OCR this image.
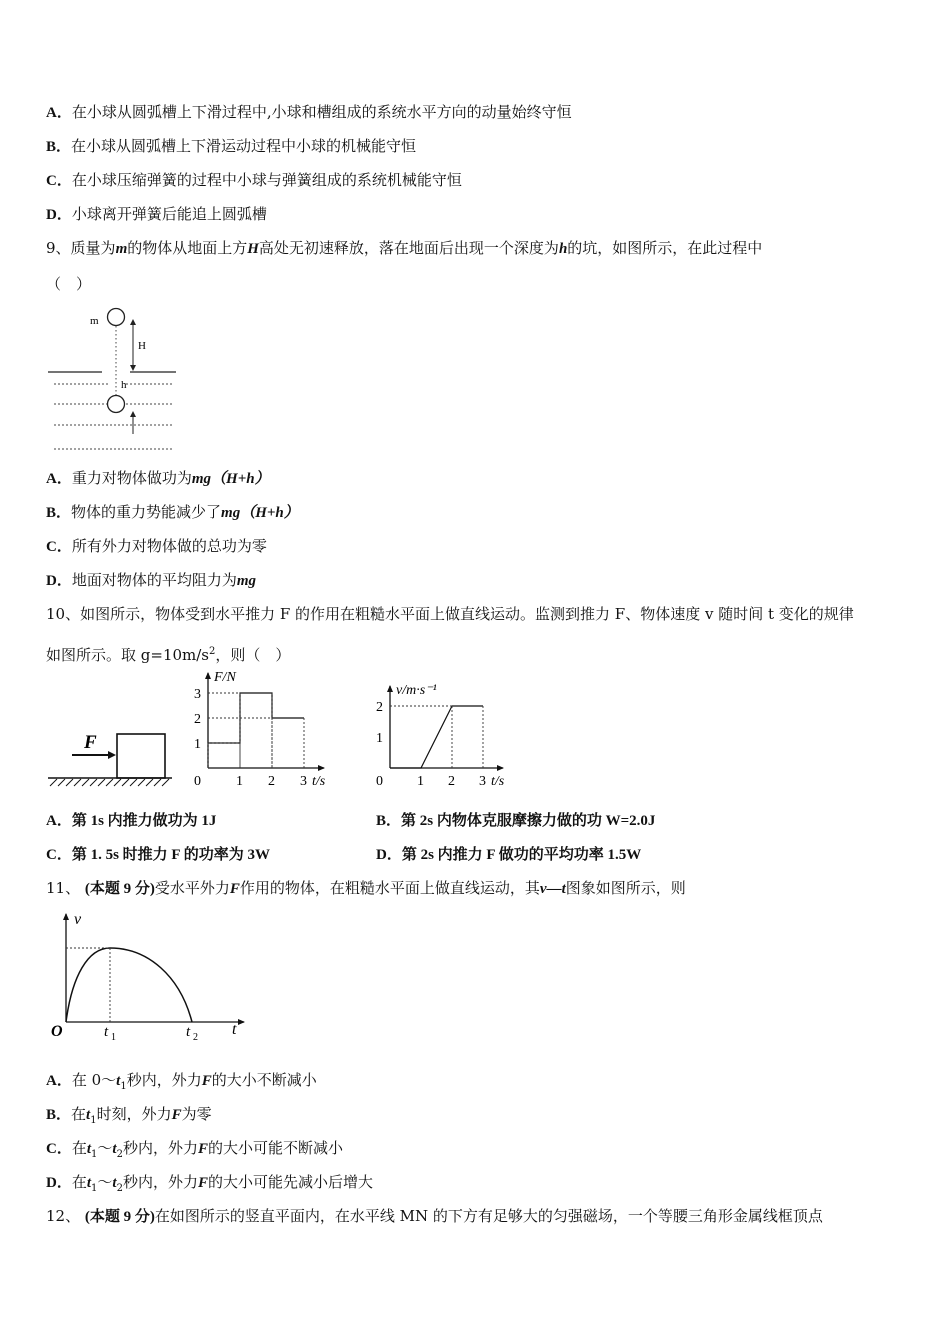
A．在小球从圆弧槽上下滑过程中,小球和槽组成的系统水平方向的动量始终守恒
B．在小球从圆弧槽上下滑运动过程中小球的机械能守恒
C．在小球压缩弹簧的过程中小球与弹簧组成的系统机械能守恒
D．小球离开弹簧后能追上圆弧槽
9、质量为m的物体从地面上方H高处无初速释放，落在地面后出现一个深度为h的坑，如图所示，在此过程中
（　）
m
H
h
A．重力对物体做功为mg（H+h）
B．物体的重力势能减少了mg（H+h）
C．所有外力对物体做的总功为零
D．地面对物体的平均阻力为mg
10、如图所示，物体受到水平推力 F 的作用在粗糙水平面上做直线运动。监测到推力 F、物体速度 v 随时间 t 变化的规律
如图所示。取 $g=10m/s^2$，则（　）
F
F/N
t/s
1
2
3
0	1 2 3
v/m·s⁻¹
t/s
1
2
0 1 2 3
A．第 1s 内推力做功为 1J	B．第 2s 内物体克服摩擦力做的功 W=2.0J
C．第 1. 5s 时推力 F 的功率为 3W	D．第 2s 内推力 F 做功的平均功率 1.5W
11、 (本题 9 分)受水平外力F作用的物体，在粗糙水平面上做直线运动，其v—t图象如图所示，则
v
t
O	t 1	t 2
A．在 $0\sim t_1$秒内，外力F的大小不断减小
B．在$t_1$时刻，外力F为零
C．在$t_1\sim t_2$秒内，外力F的大小可能不断减小
D．在$t_1\sim t_2$秒内，外力F的大小可能先减小后增大
12、 (本题 9 分)在如图所示的竖直平面内，在水平线 MN 的下方有足够大的匀强磁场，一个等腰三角形金属线框顶点
